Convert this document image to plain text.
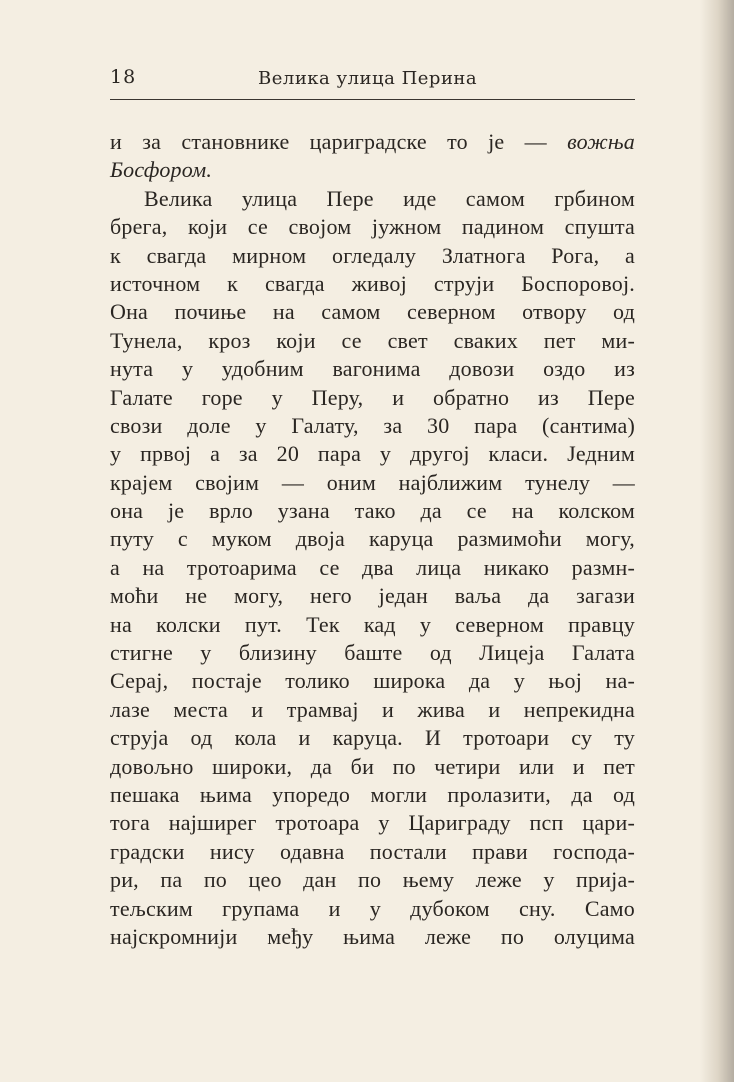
18	Велика улица Перина
и за становнике цариградске то је — вожња
Босфором.
Велика улица Пере иде самом грбином
брега, који се својом јужном падином спушта
к свагда мирном огледалу Златнога Рога, а
источном к свагда живој струји Боспоровој.
Она почиње на самом северном отвору од
Тунела, кроз који се свет сваких пет ми-
нута у удобним вагонима довози оздо из
Галате горе у Перу, и обратно из Пере
свози доле у Галату, за 30 пара (сантима)
у првој а за 20 пара у другој класи. Једним
крајем својим — оним најближим тунелу —
она је врло узана тако да се на колском
путу с муком двоја каруца размимоћи могу,
а на тротоарима се два лица никако размн-
моћи не могу, него један ваља да загази
на колски пут. Тек кад у северном правцу
стигне у близину баште од Лицеја Галата
Серај, постаје толико широка да у њој на-
лазе места и трамвај и жива и непрекидна
струја од кола и каруца. И тротоари су ту
довољно широки, да би по четири или и пет
пешака њима упоредо могли пролазити, да од
тога најширег тротоара у Цариграду псп цари-
градски нису одавна постали прави господа-
ри, па по цео дан по њему леже у прија-
тељским групама и у дубоком сну. Само
најскромнији међу њима леже по олуцима
